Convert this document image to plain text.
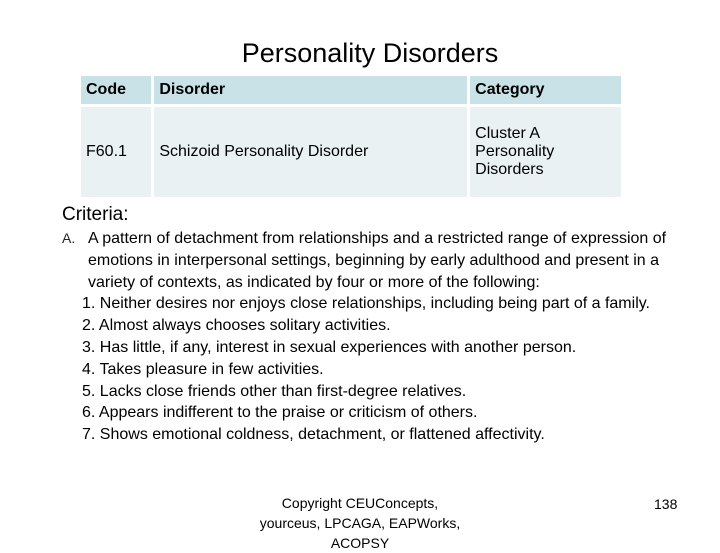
Personality Disorders
Code	Disorder	Category
F60.1	Schizoid Personality Disorder	Cluster A Personality Disorders
Criteria:
A. A pattern of detachment from relationships and a restricted range of expression of emotions in interpersonal settings, beginning by early adulthood and present in a variety of contexts, as indicated by four or more of the following:
1. Neither desires nor enjoys close relationships, including being part of a family.
2. Almost always chooses solitary activities.
3. Has little, if any, interest in sexual experiences with another person.
4. Takes pleasure in few activities.
5. Lacks close friends other than first-degree relatives.
6. Appears indifferent to the praise or criticism of others.
7. Shows emotional coldness, detachment, or flattened affectivity.
Copyright CEUConcepts, yourceus, LPCAGA, EAPWorks, ACOPSY
138
